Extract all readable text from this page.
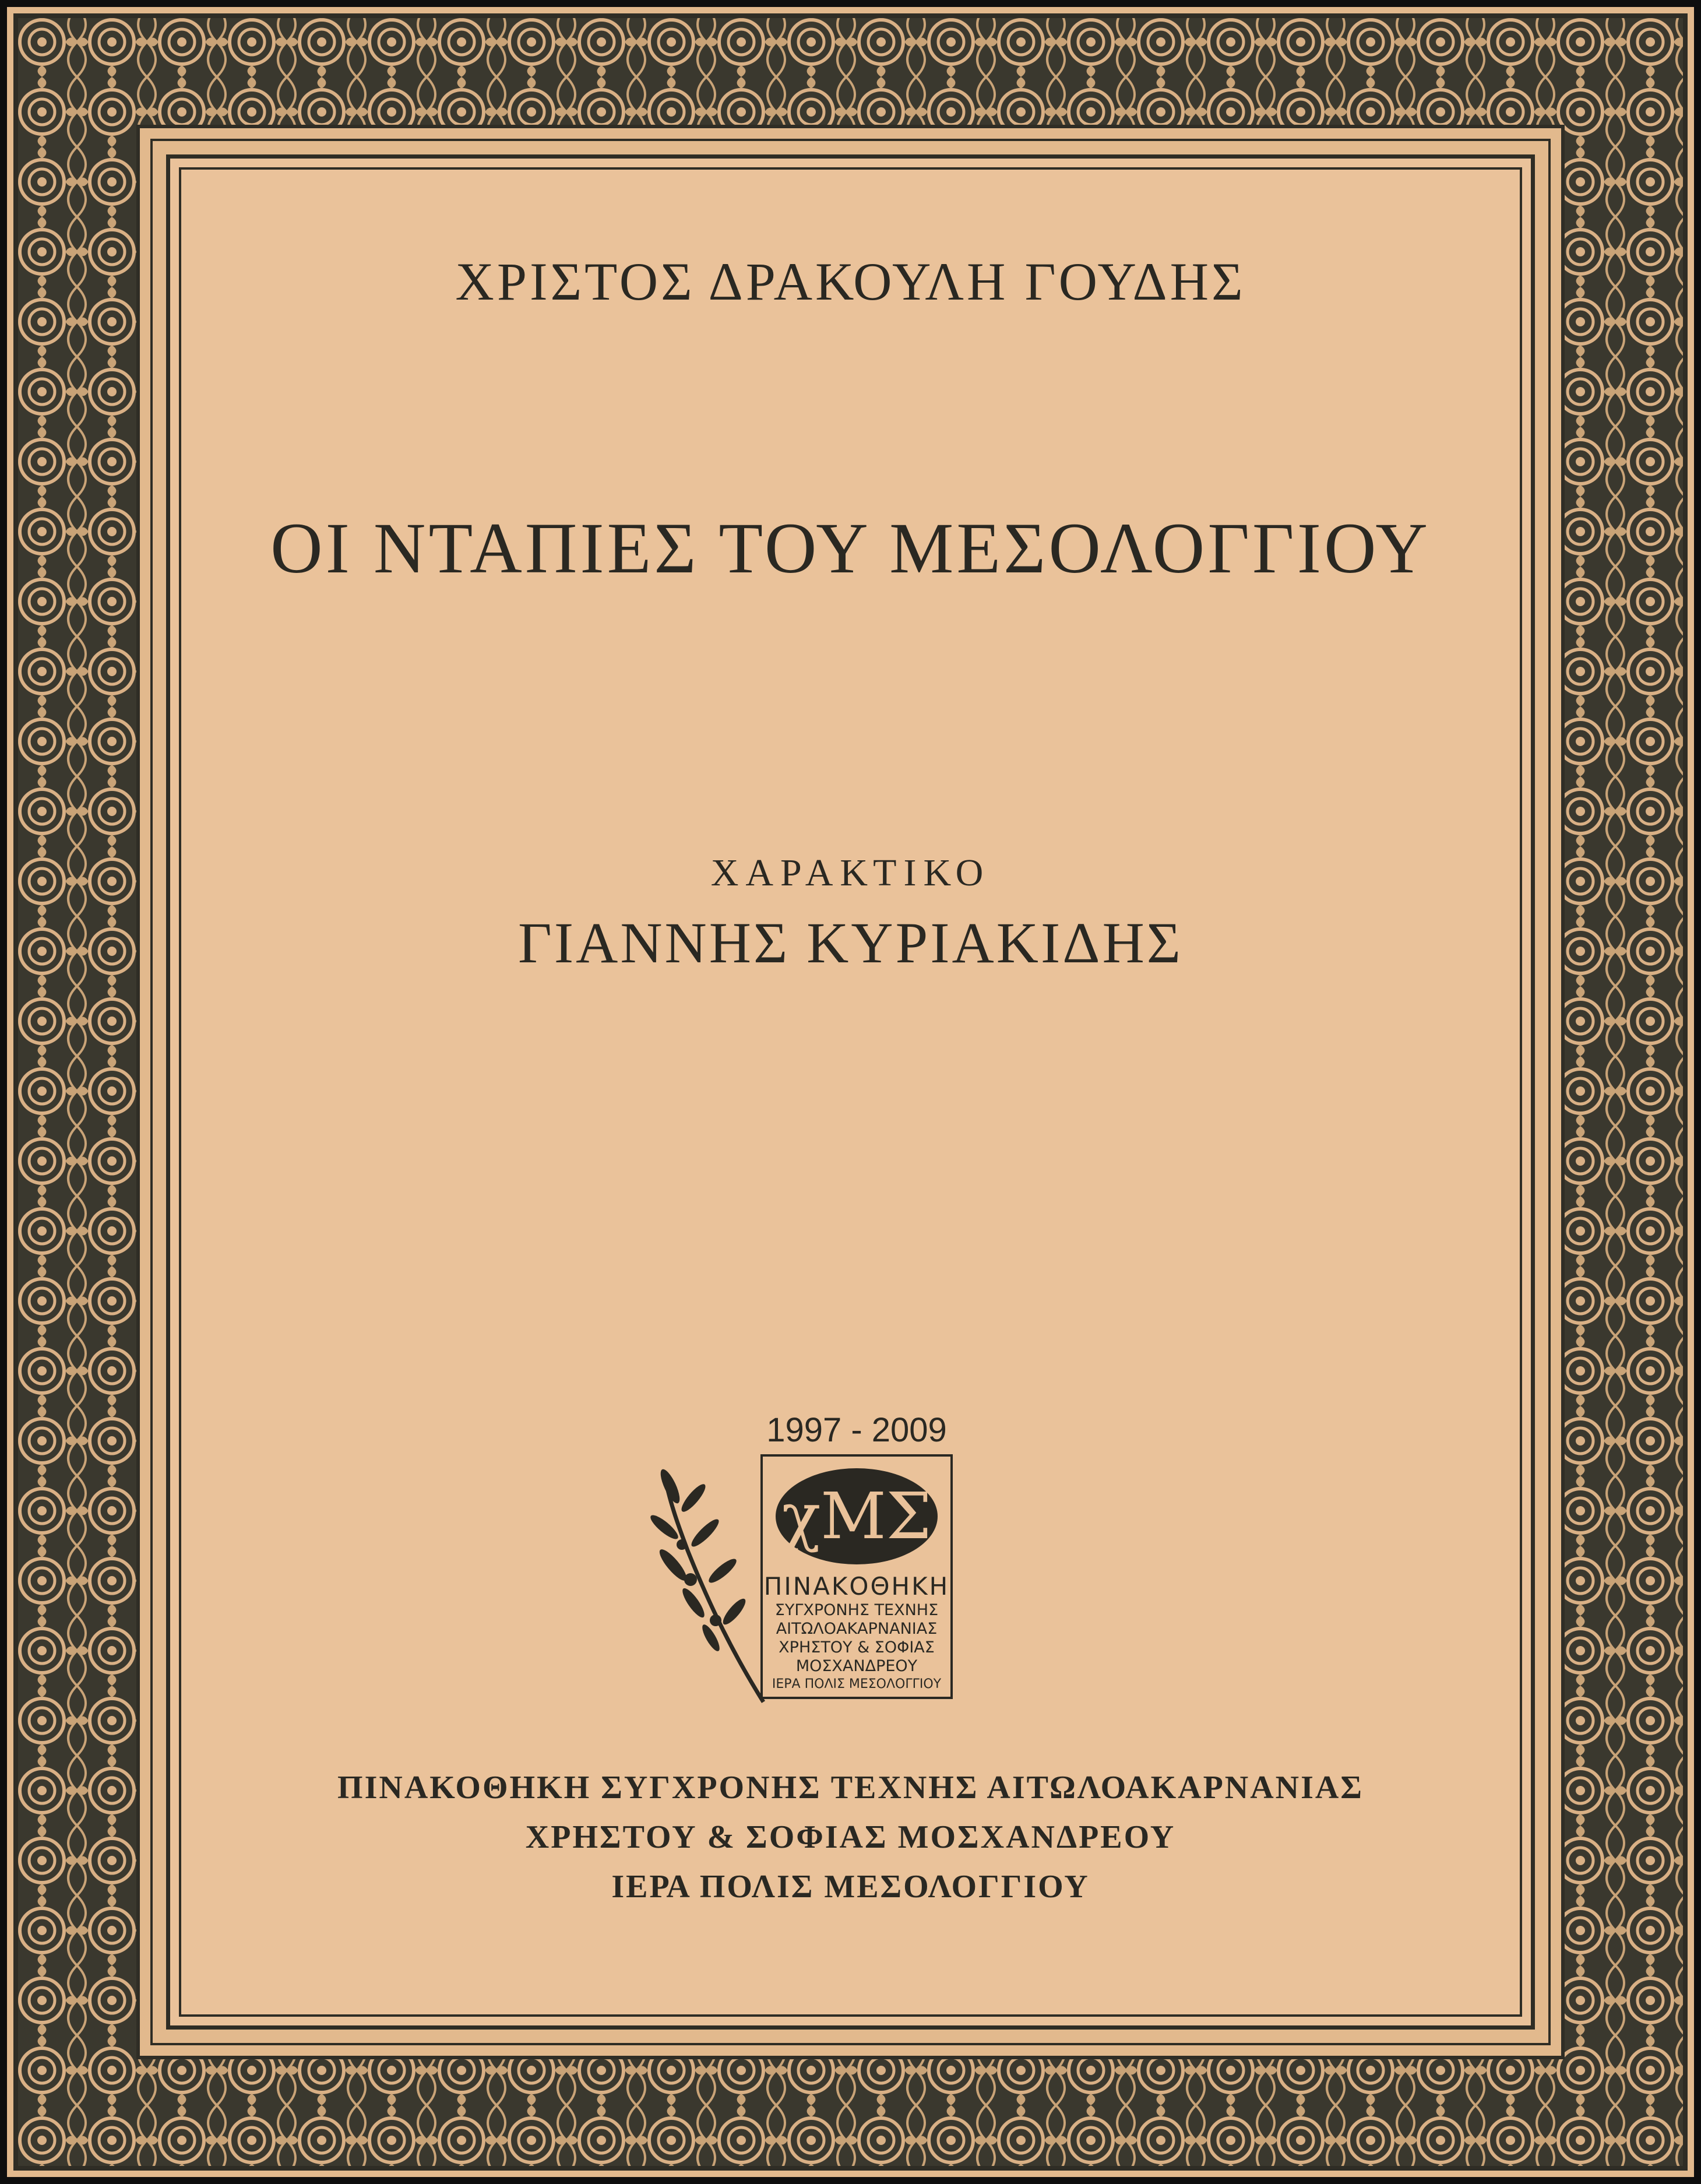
ΧΡΙΣΤΟΣ ΔΡΑΚΟΥΛΗ ΓΟΥΔΗΣ
ΟΙ ΝΤΑΠΙΕΣ ΤΟΥ ΜΕΣΟΛΟΓΓΙΟΥ
ΧΑΡΑΚΤΙΚΟ
ΓΙΑΝΝΗΣ ΚΥΡΙΑΚΙΔΗΣ
1997 - 2009
χΜΣ
ΠΙΝΑΚΟΘΗΚΗ
ΣΥΓΧΡΟΝΗΣ ΤΕΧΝΗΣ
ΑΙΤΩΛΟΑΚΑΡΝΑΝΙΑΣ
ΧΡΗΣΤΟΥ & ΣΟΦΙΑΣ
ΜΟΣΧΑΝΔΡΕΟΥ
ΙΕΡΑ ΠΟΛΙΣ ΜΕΣΟΛΟΓΓΙΟΥ
ΠΙΝΑΚΟΘΗΚΗ ΣΥΓΧΡΟΝΗΣ ΤΕΧΝΗΣ ΑΙΤΩΛΟΑΚΑΡΝΑΝΙΑΣ
ΧΡΗΣΤΟΥ & ΣΟΦΙΑΣ ΜΟΣΧΑΝΔΡΕΟΥ
ΙΕΡΑ ΠΟΛΙΣ ΜΕΣΟΛΟΓΓΙΟΥ
